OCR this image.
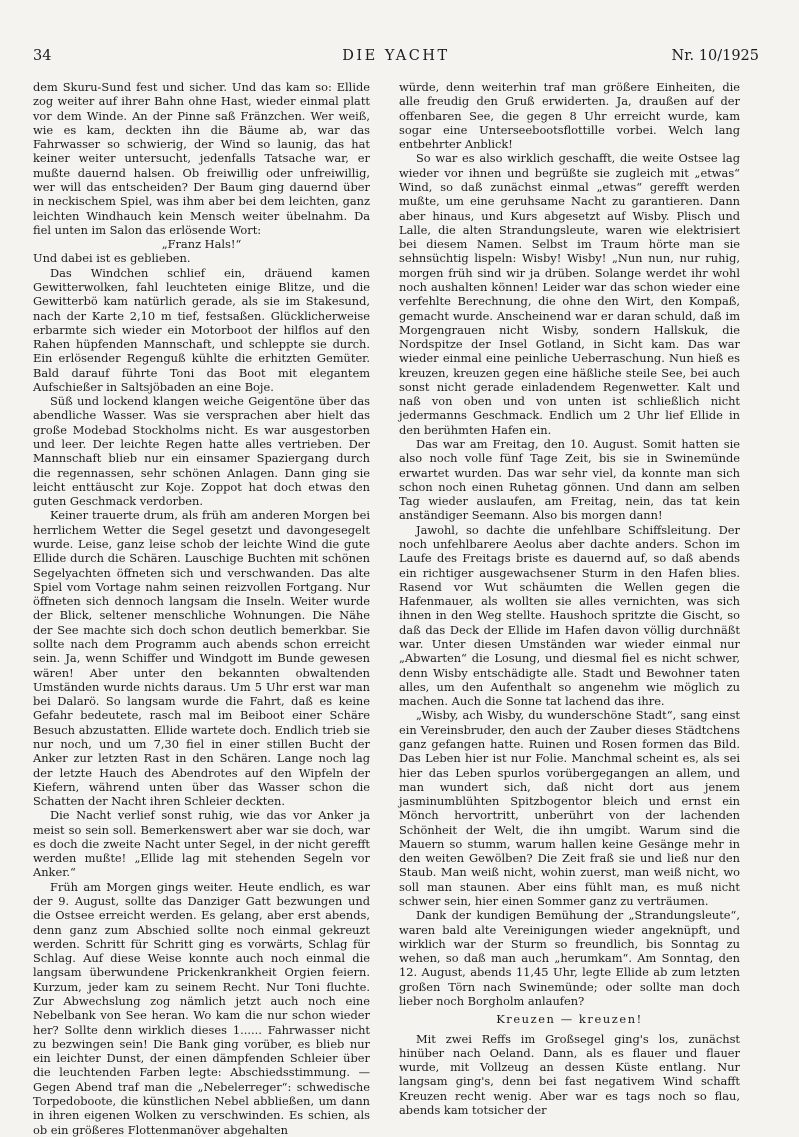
34	DIE YACHT	Nr. 10/1925

dem Skuru-Sund fest und sicher. Und das kam so: Ellide zog weiter auf ihrer Bahn ohne Hast, wieder einmal platt vor dem Winde. An der Pinne saß Fränzchen. Wer weiß, wie es kam, deckten ihn die Bäume ab, war das Fahrwasser so schwierig, der Wind so launig, das hat keiner weiter untersucht, jedenfalls Tatsache war, er mußte dauernd halsen. Ob freiwillig oder unfreiwillig, wer will das entscheiden? Der Baum ging dauernd über in neckischem Spiel, was ihm aber bei dem leichten, ganz leichten Windhauch kein Mensch weiter übelnahm. Da fiel unten im Salon das erlösende Wort:

„Franz Hals!“

Und dabei ist es geblieben.

Das Windchen schlief ein, dräuend kamen Gewitterwolken, fahl leuchteten einige Blitze, und die Gewitterbö kam natürlich gerade, als sie im Stakesund, nach der Karte 2,10 m tief, festsaßen. Glücklicherweise erbarmte sich wieder ein Motorboot der hilflos auf den Rahen hüpfenden Mannschaft, und schleppte sie durch. Ein erlösender Regenguß kühlte die erhitzten Gemüter. Bald darauf führte Toni das Boot mit elegantem Aufschießer in Saltsjöbaden an eine Boje.

Süß und lockend klangen weiche Geigentöne über das abendliche Wasser. Was sie versprachen aber hielt das große Modebad Stockholms nicht. Es war ausgestorben und leer. Der leichte Regen hatte alles vertrieben. Der Mannschaft blieb nur ein einsamer Spaziergang durch die regennassen, sehr schönen Anlagen. Dann ging sie leicht enttäuscht zur Koje. Zoppot hat doch etwas den guten Geschmack verdorben.

Keiner trauerte drum, als früh am anderen Morgen bei herrlichem Wetter die Segel gesetzt und davongesegelt wurde. Leise, ganz leise schob der leichte Wind die gute Ellide durch die Schären. Lauschige Buchten mit schönen Segelyachten öffneten sich und verschwanden. Das alte Spiel vom Vortage nahm seinen reizvollen Fortgang. Nur öffneten sich dennoch langsam die Inseln. Weiter wurde der Blick, seltener menschliche Wohnungen. Die Nähe der See machte sich doch schon deutlich bemerkbar. Sie sollte nach dem Programm auch abends schon erreicht sein. Ja, wenn Schiffer und Windgott im Bunde gewesen wären! Aber unter den bekannten obwaltenden Umständen wurde nichts daraus. Um 5 Uhr erst war man bei Dalarö. So langsam wurde die Fahrt, daß es keine Gefahr bedeutete, rasch mal im Beiboot einer Schäre Besuch abzustatten. Ellide wartete doch. Endlich trieb sie nur noch, und um 7,30 fiel in einer stillen Bucht der Anker zur letzten Rast in den Schären. Lange noch lag der letzte Hauch des Abendrotes auf den Wipfeln der Kiefern, während unten über das Wasser schon die Schatten der Nacht ihren Schleier deckten.

Die Nacht verlief sonst ruhig, wie das vor Anker ja meist so sein soll. Bemerkenswert aber war sie doch, war es doch die zweite Nacht unter Segel, in der nicht gerefft werden mußte! „Ellide lag mit stehenden Segeln vor Anker.“

Früh am Morgen gings weiter. Heute endlich, es war der 9. August, sollte das Danziger Gatt bezwungen und die Ostsee erreicht werden. Es gelang, aber erst abends, denn ganz zum Abschied sollte noch einmal gekreuzt werden. Schritt für Schritt ging es vorwärts, Schlag für Schlag. Auf diese Weise konnte auch noch einmal die langsam überwundene Prickenkrankheit Orgien feiern. Kurzum, jeder kam zu seinem Recht. Nur Toni fluchte. Zur Abwechslung zog nämlich jetzt auch noch eine Nebelbank von See heran. Wo kam die nur schon wieder her? Sollte denn wirklich dieses 1...... Fahrwasser nicht zu bezwingen sein! Die Bank ging vorüber, es blieb nur ein leichter Dunst, der einen dämpfenden Schleier über die leuchtenden Farben legte: Abschiedsstimmung. — Gegen Abend traf man die „Nebelerreger“: schwedische Torpedoboote, die künstlichen Nebel abbließen, um dann in ihren eigenen Wolken zu verschwinden. Es schien, als ob ein größeres Flottenmanöver abgehalten

würde, denn weiterhin traf man größere Einheiten, die alle freudig den Gruß erwiderten. Ja, draußen auf der offenbaren See, die gegen 8 Uhr erreicht wurde, kam sogar eine Unterseebootsflottille vorbei. Welch lang entbehrter Anblick!

So war es also wirklich geschafft, die weite Ostsee lag wieder vor ihnen und begrüßte sie zugleich mit „etwas“ Wind, so daß zunächst einmal „etwas“ gerefft werden mußte, um eine geruhsame Nacht zu garantieren. Dann aber hinaus, und Kurs abgesetzt auf Wisby. Plisch und Lalle, die alten Strandungsleute, waren wie elektrisiert bei diesem Namen. Selbst im Traum hörte man sie sehnsüchtig lispeln: Wisby! Wisby! „Nun nun, nur ruhig, morgen früh sind wir ja drüben. Solange werdet ihr wohl noch aushalten können! Leider war das schon wieder eine verfehlte Berechnung, die ohne den Wirt, den Kompaß, gemacht wurde. Anscheinend war er daran schuld, daß im Morgengrauen nicht Wisby, sondern Hallskuk, die Nordspitze der Insel Gotland, in Sicht kam. Das war wieder einmal eine peinliche Ueberraschung. Nun hieß es kreuzen, kreuzen gegen eine häßliche steile See, bei auch sonst nicht gerade einladendem Regenwetter. Kalt und naß von oben und von unten ist schließlich nicht jedermanns Geschmack. Endlich um 2 Uhr lief Ellide in den berühmten Hafen ein.

Das war am Freitag, den 10. August. Somit hatten sie also noch volle fünf Tage Zeit, bis sie in Swinemünde erwartet wurden. Das war sehr viel, da konnte man sich schon noch einen Ruhetag gönnen. Und dann am selben Tag wieder auslaufen, am Freitag, nein, das tat kein anständiger Seemann. Also bis morgen dann!

Jawohl, so dachte die unfehlbare Schiffsleitung. Der noch unfehlbarere Aeolus aber dachte anders. Schon im Laufe des Freitags briste es dauernd auf, so daß abends ein richtiger ausgewachsener Sturm in den Hafen blies. Rasend vor Wut schäumten die Wellen gegen die Hafenmauer, als wollten sie alles vernichten, was sich ihnen in den Weg stellte. Haushoch spritzte die Gischt, so daß das Deck der Ellide im Hafen davon völlig durchnäßt war. Unter diesen Umständen war wieder einmal nur „Abwarten“ die Losung, und diesmal fiel es nicht schwer, denn Wisby entschädigte alle. Stadt und Bewohner taten alles, um den Aufenthalt so angenehm wie möglich zu machen. Auch die Sonne tat lachend das ihre.

„Wisby, ach Wisby, du wunderschöne Stadt“, sang einst ein Vereinsbruder, den auch der Zauber dieses Städtchens ganz gefangen hatte. Ruinen und Rosen formen das Bild. Das Leben hier ist nur Folie. Manchmal scheint es, als sei hier das Leben spurlos vorübergegangen an allem, und man wundert sich, daß nicht dort aus jenem jasminumblühten Spitzbogentor bleich und ernst ein Mönch hervortritt, unberührt von der lachenden Schönheit der Welt, die ihn umgibt. Warum sind die Mauern so stumm, warum hallen keine Gesänge mehr in den weiten Gewölben? Die Zeit fraß sie und ließ nur den Staub. Man weiß nicht, wohin zuerst, man weiß nicht, wo soll man staunen. Aber eins fühlt man, es muß nicht schwer sein, hier einen Sommer ganz zu verträumen.

Dank der kundigen Bemühung der „Strandungsleute“, waren bald alte Vereinigungen wieder angeknüpft, und wirklich war der Sturm so freundlich, bis Sonntag zu wehen, so daß man auch „herumkam“. Am Sonntag, den 12. August, abends 11,45 Uhr, legte Ellide ab zum letzten großen Törn nach Swinemünde; oder sollte man doch lieber noch Borgholm anlaufen?

Kreuzen — kreuzen!

Mit zwei Reffs im Großsegel ging's los, zunächst hinüber nach Oeland. Dann, als es flauer und flauer wurde, mit Vollzeug an dessen Küste entlang. Nur langsam ging's, denn bei fast negativem Wind schafft Kreuzen recht wenig. Aber war es tags noch so flau, abends kam totsicher der
